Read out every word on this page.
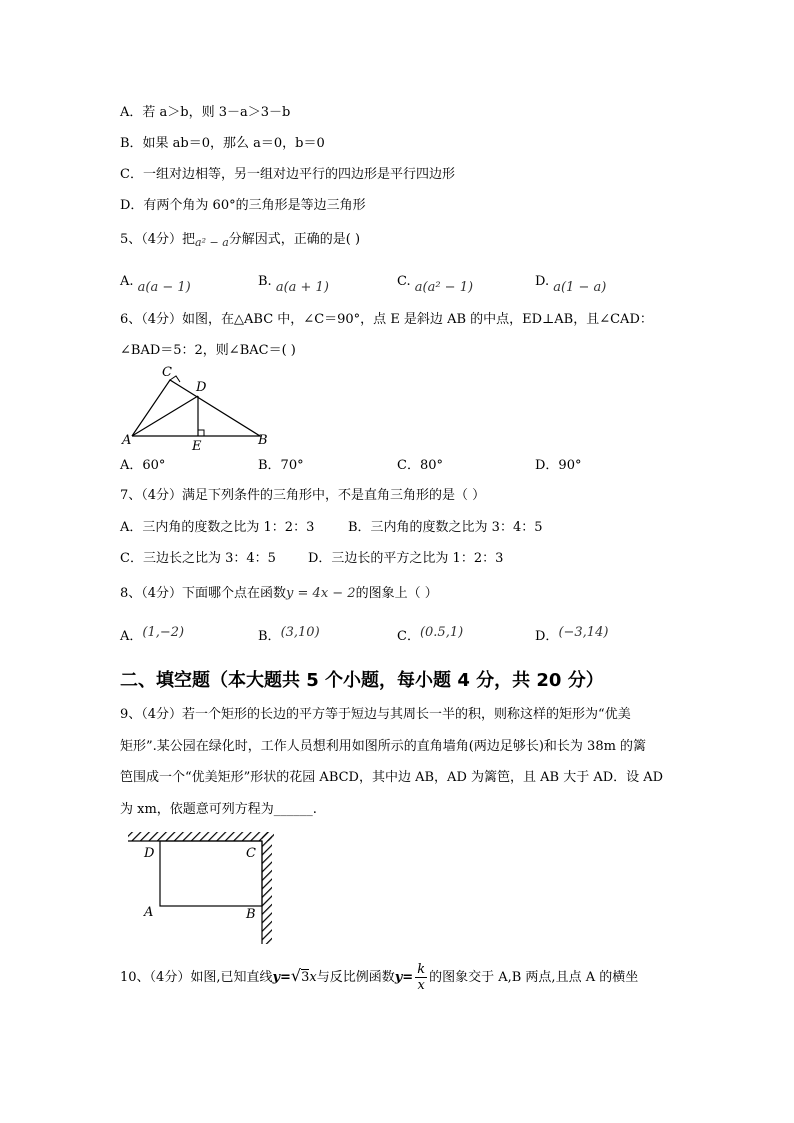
A．若 a＞b，则 3－a＞3－b
B．如果 ab＝0，那么 a＝0，b＝0
C．一组对边相等，另一组对边平行的四边形是平行四边形
D．有两个角为 60°的三角形是等边三角形
5、（4分）把$_{a^2 - a}$分解因式，正确的是( )
A. a(a − 1)	B. a(a + 1)	C. a(a² − 1)	D. a(1 − a)
6、（4分）如图，在△ABC 中，∠C＝90°，点 E 是斜边 AB 的中点，ED⊥AB，且∠CAD：
∠BAD＝5：2，则∠BAC＝( )
A	B
C
D
E
A．60°	B．70°	C．80°	D．90°
7、（4分）满足下列条件的三角形中，不是直角三角形的是（ ）
A．三内角的度数之比为 1：2：3	B．三内角的度数之比为 3：4：5
C．三边长之比为 3：4：5 D．三边长的平方之比为 1：2：3
8、（4分）下面哪个点在函数y = 4x − 2的图象上（ ）
A．(1,−2)	B．(3,10)	C．(0.5,1)	D．(−3,14)
二、填空题（本大题共 5 个小题，每小题 4 分，共 20 分）
9、（4分）若一个矩形的长边的平方等于短边与其周长一半的积，则称这样的矩形为“优美
矩形”.某公园在绿化时，工作人员想利用如图所示的直角墙角(两边足够长)和长为 38m 的篱
笆围成一个“优美矩形”形状的花园 ABCD，其中边 AB，AD 为篱笆，且 AB 大于 AD．设 AD
为 xm，依题意可列方程为______.
D	C
A	B
10、（4分）如图,已知直线y=√3x与反比例函数$y= \frac{k}{x}$ 的图象交于 A,B 两点,且点 A 的横坐
